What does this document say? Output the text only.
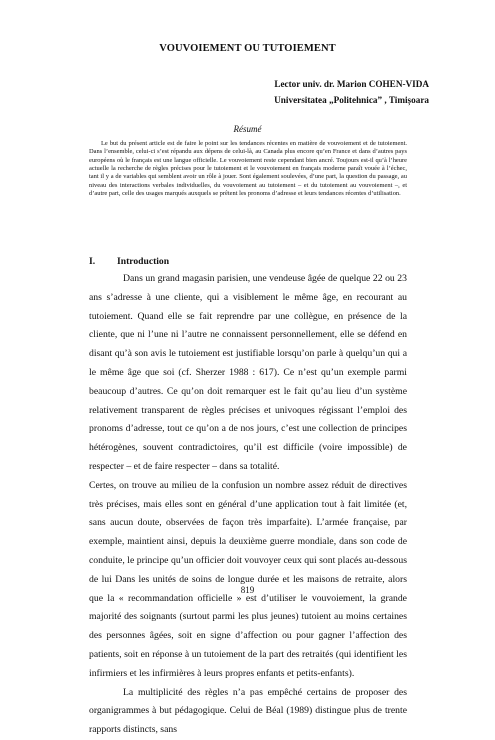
VOUVOIEMENT OU TUTOIEMENT
Lector univ. dr. Marion COHEN-VIDA
Universitatea „Politehnica” , Timișoara
Résumé

Le but du présent article est de faire le point sur les tendances récentes en matière de vouvoiement et de tutoiement. Dans l’ensemble, celui-ci s’est répandu aux dépens de celui-là, au Canada plus encore qu’en France et dans d’autres pays européens où le français est une langue officielle. Le vouvoiement reste cependant bien ancré. Toujours est-il qu’à l’heure actuelle la recherche de règles précises pour le tutoiement et le vouvoiement en français moderne paraît vouée à l’échec, tant il y a de variables qui semblent avoir un rôle à jouer. Sont également soulevées, d’une part, la question du passage, au niveau des interactions verbales individuelles, du vouvoiement au tutoiement – et du tutoiement au vouvoiement –, et d’autre part, celle des usages marqués auxquels se prêtent les pronoms d’adresse et leurs tendances récentes d’utilisation.

I. Introduction

Dans un grand magasin parisien, une vendeuse âgée de quelque 22 ou 23 ans s’adresse à une cliente, qui a visiblement le même âge, en recourant au tutoiement. Quand elle se fait reprendre par une collègue, en présence de la cliente, que ni l’une ni l’autre ne connaissent personnellement, elle se défend en disant qu’à son avis le tutoiement est justifiable lorsqu’on parle à quelqu’un qui a le même âge que soi (cf. Sherzer 1988 : 617). Ce n’est qu’un exemple parmi beaucoup d’autres. Ce qu’on doit remarquer est le fait qu’au lieu d’un système relativement transparent de règles précises et univoques régissant l’emploi des pronoms d’adresse, tout ce qu’on a de nos jours, c’est une collection de principes hétérogènes, souvent contradictoires, qu’il est difficile (voire impossible) de respecter – et de faire respecter – dans sa totalité.

Certes, on trouve au milieu de la confusion un nombre assez réduit de directives très précises, mais elles sont en général d’une application tout à fait limitée (et, sans aucun doute, observées de façon très imparfaite). L’armée française, par exemple, maintient ainsi, depuis la deuxième guerre mondiale, dans son code de conduite, le principe qu’un officier doit vouvoyer ceux qui sont placés au-dessous de lui Dans les unités de soins de longue durée et les maisons de retraite, alors que la « recommandation officielle » est d’utiliser le vouvoiement, la grande majorité des soignants (surtout parmi les plus jeunes) tutoient au moins certaines des personnes âgées, soit en signe d’affection ou pour gagner l’affection des patients, soit en réponse à un tutoiement de la part des retraités (qui identifient les infirmiers et les infirmières à leurs propres enfants et petits-enfants).

La multiplicité des règles n’a pas empêché certains de proposer des organigrammes à but pédagogique. Celui de Béal (1989) distingue plus de trente rapports distincts, sans

819
